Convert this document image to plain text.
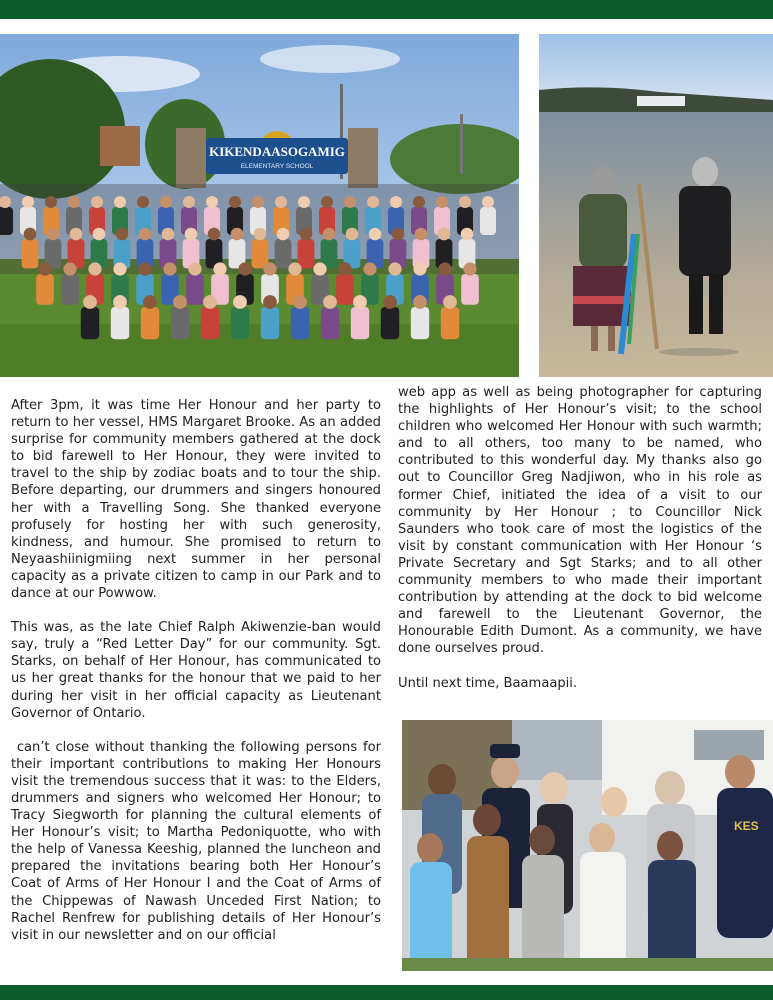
KIKENDAASOGAMIG
ELEMENTARY SCHOOL

After 3pm, it was time Her Honour and her party to return to her vessel, HMS Margaret Brooke. As an added surprise for community members gathered at the dock to bid farewell to Her Honour, they were invited to travel to the ship by zodiac boats and to tour the ship. Before departing, our drummers and singers honoured her with a Travelling Song. She thanked everyone profusely for hosting her with such generosity, kindness, and humour. She promised to return to Neyaashiinigmiing next summer in her personal capacity as a private citizen to camp in our Park and to dance at our Powwow.

This was, as the late Chief Ralph Akiwenzie-ban would say, truly a “Red Letter Day” for our community. Sgt. Starks, on behalf of Her Honour, has communicated to us her great thanks for the honour that we paid to her during her visit in her official capacity as Lieutenant Governor of Ontario.

can’t close without thanking the following persons for their important contributions to making Her Honours visit the tremendous success that it was: to the Elders, drummers and signers who welcomed Her Honour; to Tracy Siegworth for planning the cultural elements of Her Honour’s visit; to Martha Pedoniquotte, who with the help of Vanessa Keeshig, planned the luncheon and prepared the invitations bearing both Her Honour’s Coat of Arms of Her Honour I and the Coat of Arms of the Chippewas of Nawash Unceded First Nation; to Rachel Renfrew for publishing details of Her Honour’s visit in our newsletter and on our official

web app as well as being photographer for capturing the highlights of Her Honour’s visit; to the school children who welcomed Her Honour with such warmth; and to all others, too many to be named, who contributed to this wonderful day. My thanks also go out to Councillor Greg Nadjiwon, who in his role as former Chief, initiated the idea of a visit to our community by Her Honour ; to Councillor Nick Saunders who took care of most the logistics of the visit by constant communication with Her Honour ‘s Private Secretary and Sgt Starks; and to all other community members to who made their important contribution by attending at the dock to bid welcome and farewell to the Lieutenant Governor, the Honourable Edith Dumont. As a community, we have done ourselves proud.

Until next time, Baamaapii.

KES
